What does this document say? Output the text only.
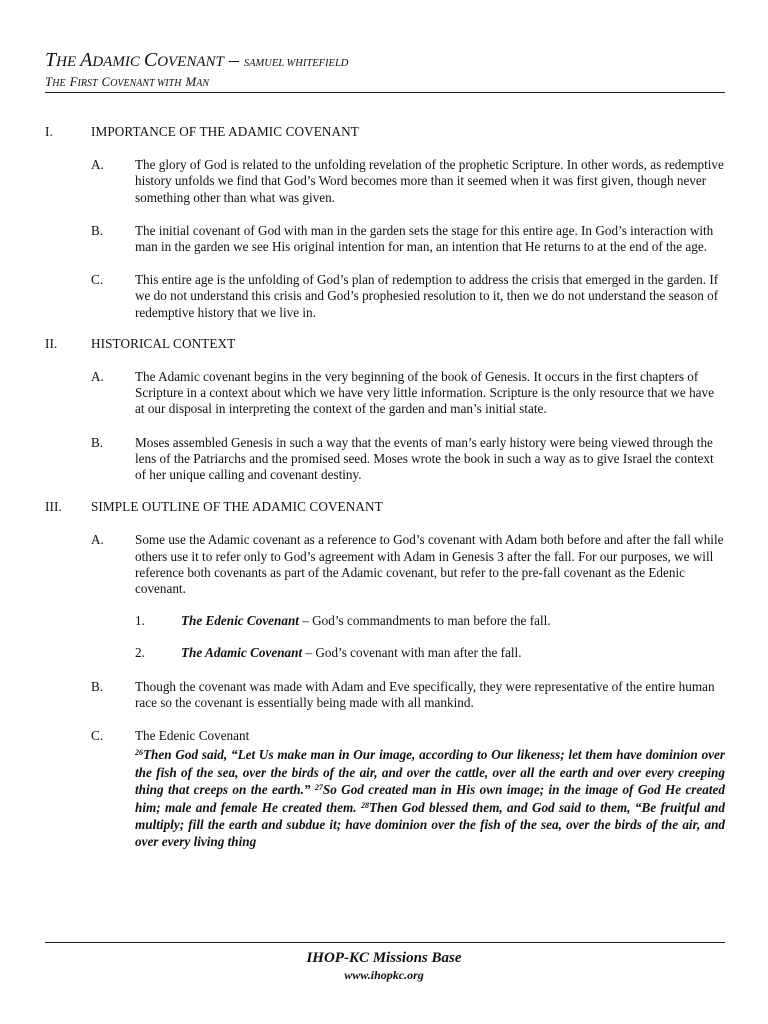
THE ADAMIC COVENANT – SAMUEL WHITEFIELD
THE FIRST COVENANT WITH MAN
I.	IMPORTANCE OF THE ADAMIC COVENANT
A.	The glory of God is related to the unfolding revelation of the prophetic Scripture. In other words, as redemptive history unfolds we find that God’s Word becomes more than it seemed when it was first given, though never something other than what was given.
B.	The initial covenant of God with man in the garden sets the stage for this entire age. In God’s interaction with man in the garden we see His original intention for man, an intention that He returns to at the end of the age.
C.	This entire age is the unfolding of God’s plan of redemption to address the crisis that emerged in the garden. If we do not understand this crisis and God’s prophesied resolution to it, then we do not understand the season of redemptive history that we live in.
II.	HISTORICAL CONTEXT
A.	The Adamic covenant begins in the very beginning of the book of Genesis. It occurs in the first chapters of Scripture in a context about which we have very little information. Scripture is the only resource that we have at our disposal in interpreting the context of the garden and man’s initial state.
B.	Moses assembled Genesis in such a way that the events of man’s early history were being viewed through the lens of the Patriarchs and the promised seed. Moses wrote the book in such a way as to give Israel the context of her unique calling and covenant destiny.
III.	SIMPLE OUTLINE OF THE ADAMIC COVENANT
A.	Some use the Adamic covenant as a reference to God’s covenant with Adam both before and after the fall while others use it to refer only to God’s agreement with Adam in Genesis 3 after the fall. For our purposes, we will reference both covenants as part of the Adamic covenant, but refer to the pre-fall covenant as the Edenic covenant.
1.	The Edenic Covenant – God’s commandments to man before the fall.
2.	The Adamic Covenant – God’s covenant with man after the fall.
B.	Though the covenant was made with Adam and Eve specifically, they were representative of the entire human race so the covenant is essentially being made with all mankind.
C.	The Edenic Covenant
$^{26}$Then God said, “Let Us make man in Our image, according to Our likeness; let them have dominion over the fish of the sea, over the birds of the air, and over the cattle, over all the earth and over every creeping thing that creeps on the earth.” $^{27}$So God created man in His own image; in the image of God He created him; male and female He created them. $^{28}$Then God blessed them, and God said to them, “Be fruitful and multiply; fill the earth and subdue it; have dominion over the fish of the sea, over the birds of the air, and over every living thing
IHOP-KC Missions Base
www.ihopkc.org
